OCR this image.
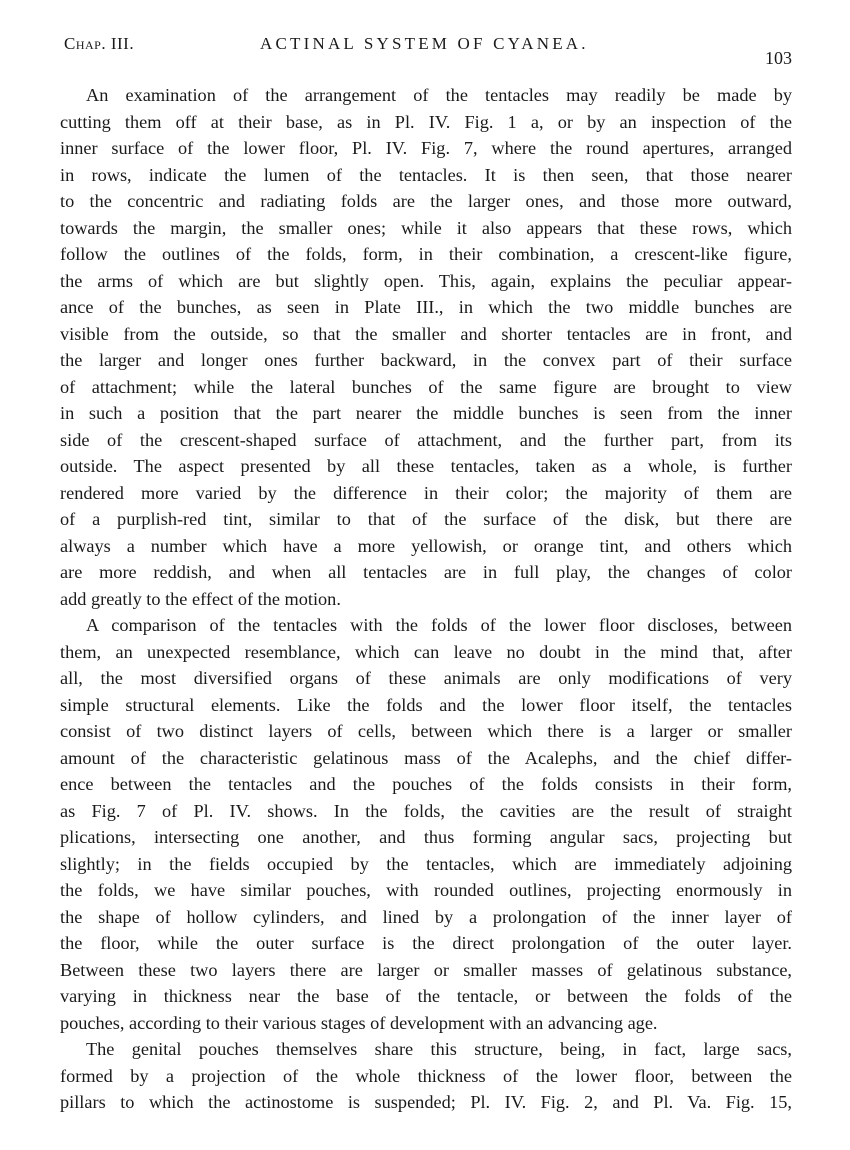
Chap. III.	ACTINAL SYSTEM OF CYANEA.
103

An examination of the arrangement of the tentacles may readily be made by
cutting them off at their base, as in Pl. IV. Fig. 1 a, or by an inspection of the
inner surface of the lower floor, Pl. IV. Fig. 7, where the round apertures, arranged
in rows, indicate the lumen of the tentacles. It is then seen, that those nearer
to the concentric and radiating folds are the larger ones, and those more outward,
towards the margin, the smaller ones; while it also appears that these rows, which
follow the outlines of the folds, form, in their combination, a crescent-like figure,
the arms of which are but slightly open. This, again, explains the peculiar appear-
ance of the bunches, as seen in Plate III., in which the two middle bunches are
visible from the outside, so that the smaller and shorter tentacles are in front, and
the larger and longer ones further backward, in the convex part of their surface
of attachment; while the lateral bunches of the same figure are brought to view
in such a position that the part nearer the middle bunches is seen from the inner
side of the crescent-shaped surface of attachment, and the further part, from its
outside. The aspect presented by all these tentacles, taken as a whole, is further
rendered more varied by the difference in their color; the majority of them are
of a purplish-red tint, similar to that of the surface of the disk, but there are
always a number which have a more yellowish, or orange tint, and others which
are more reddish, and when all tentacles are in full play, the changes of color
add greatly to the effect of the motion.

A comparison of the tentacles with the folds of the lower floor discloses, between
them, an unexpected resemblance, which can leave no doubt in the mind that, after
all, the most diversified organs of these animals are only modifications of very
simple structural elements. Like the folds and the lower floor itself, the tentacles
consist of two distinct layers of cells, between which there is a larger or smaller
amount of the characteristic gelatinous mass of the Acalephs, and the chief differ-
ence between the tentacles and the pouches of the folds consists in their form,
as Fig. 7 of Pl. IV. shows. In the folds, the cavities are the result of straight
plications, intersecting one another, and thus forming angular sacs, projecting but
slightly; in the fields occupied by the tentacles, which are immediately adjoining
the folds, we have similar pouches, with rounded outlines, projecting enormously in
the shape of hollow cylinders, and lined by a prolongation of the inner layer of
the floor, while the outer surface is the direct prolongation of the outer layer.
Between these two layers there are larger or smaller masses of gelatinous substance,
varying in thickness near the base of the tentacle, or between the folds of the
pouches, according to their various stages of development with an advancing age.

The genital pouches themselves share this structure, being, in fact, large sacs,
formed by a projection of the whole thickness of the lower floor, between the
pillars to which the actinostome is suspended; Pl. IV. Fig. 2, and Pl. Va. Fig. 15,
